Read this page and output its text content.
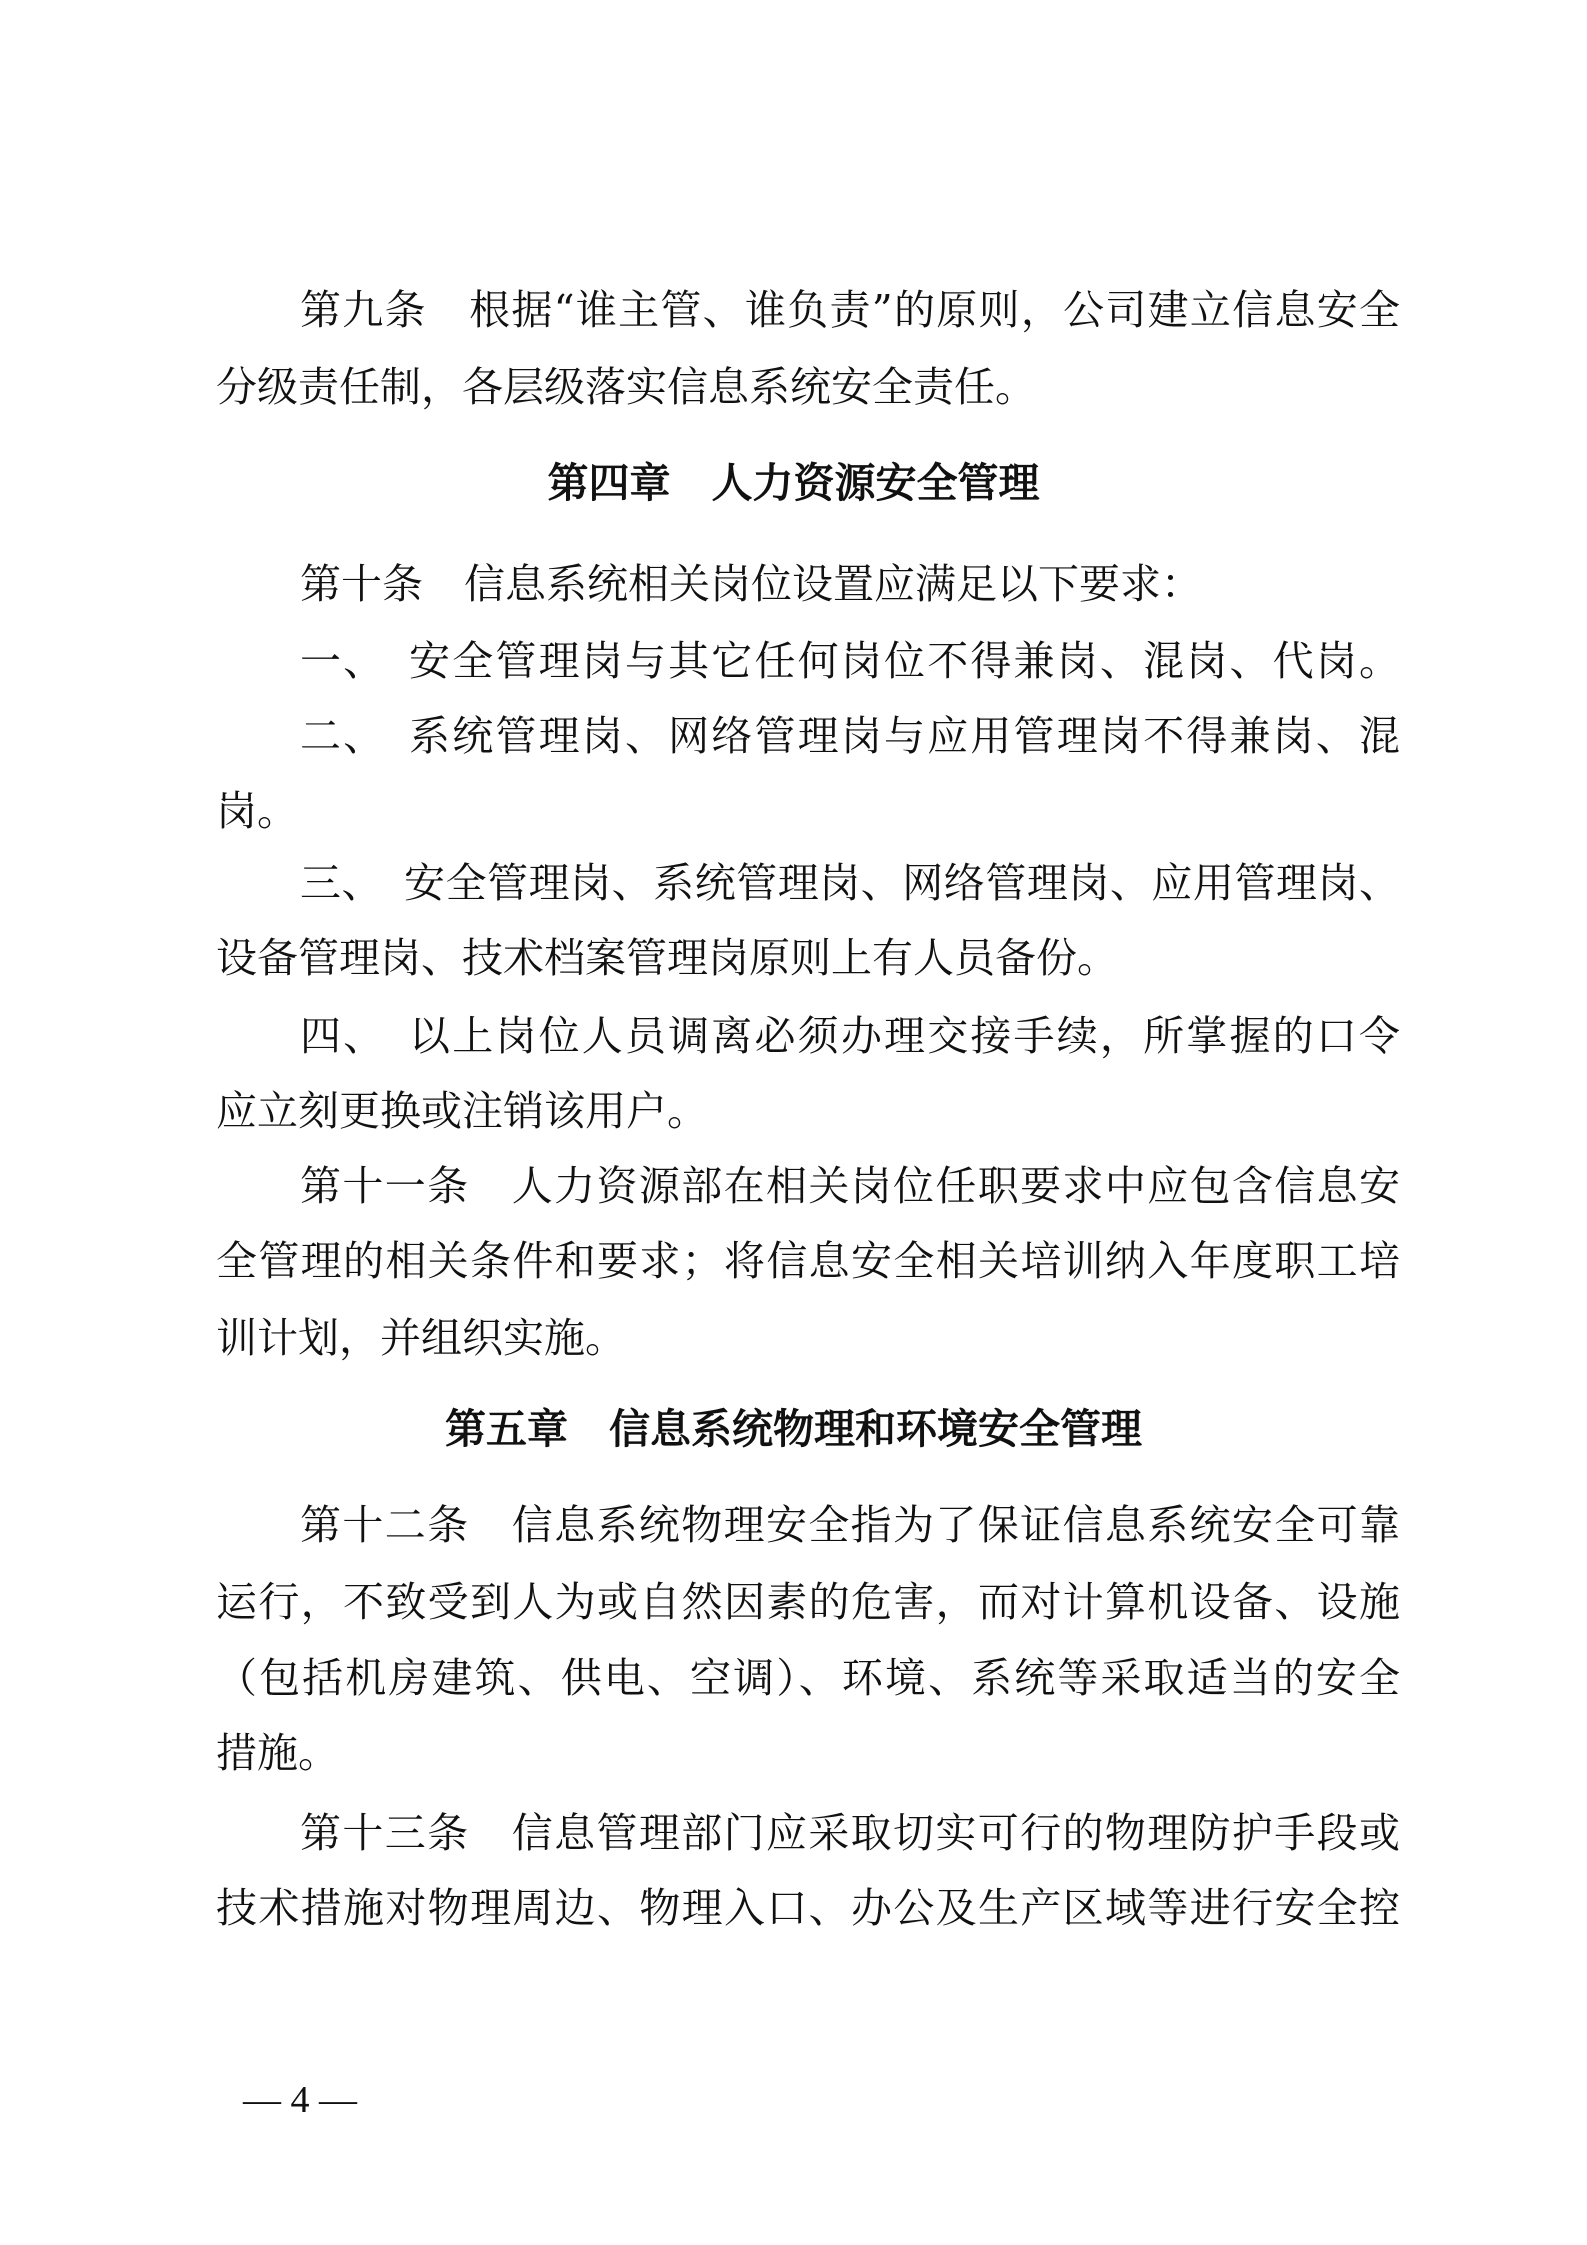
第九条　根据“谁主管、谁负责”的原则，公司建立信息安全
分级责任制，各层级落实信息系统安全责任。
第四章　人力资源安全管理
第十条　信息系统相关岗位设置应满足以下要求：
一、　安全管理岗与其它任何岗位不得兼岗、混岗、代岗。
二、　系统管理岗、网络管理岗与应用管理岗不得兼岗、混
岗。
三、　安全管理岗、系统管理岗、网络管理岗、应用管理岗、
设备管理岗、技术档案管理岗原则上有人员备份。
四、　以上岗位人员调离必须办理交接手续，所掌握的口令
应立刻更换或注销该用户。
第十一条　人力资源部在相关岗位任职要求中应包含信息安
全管理的相关条件和要求；将信息安全相关培训纳入年度职工培
训计划，并组织实施。
第五章　信息系统物理和环境安全管理
第十二条　信息系统物理安全指为了保证信息系统安全可靠
运行，不致受到人为或自然因素的危害，而对计算机设备、设施
（包括机房建筑、供电、空调）、环境、系统等采取适当的安全
措施。
第十三条　信息管理部门应采取切实可行的物理防护手段或
技术措施对物理周边、物理入口、办公及生产区域等进行安全控
— 4 —
